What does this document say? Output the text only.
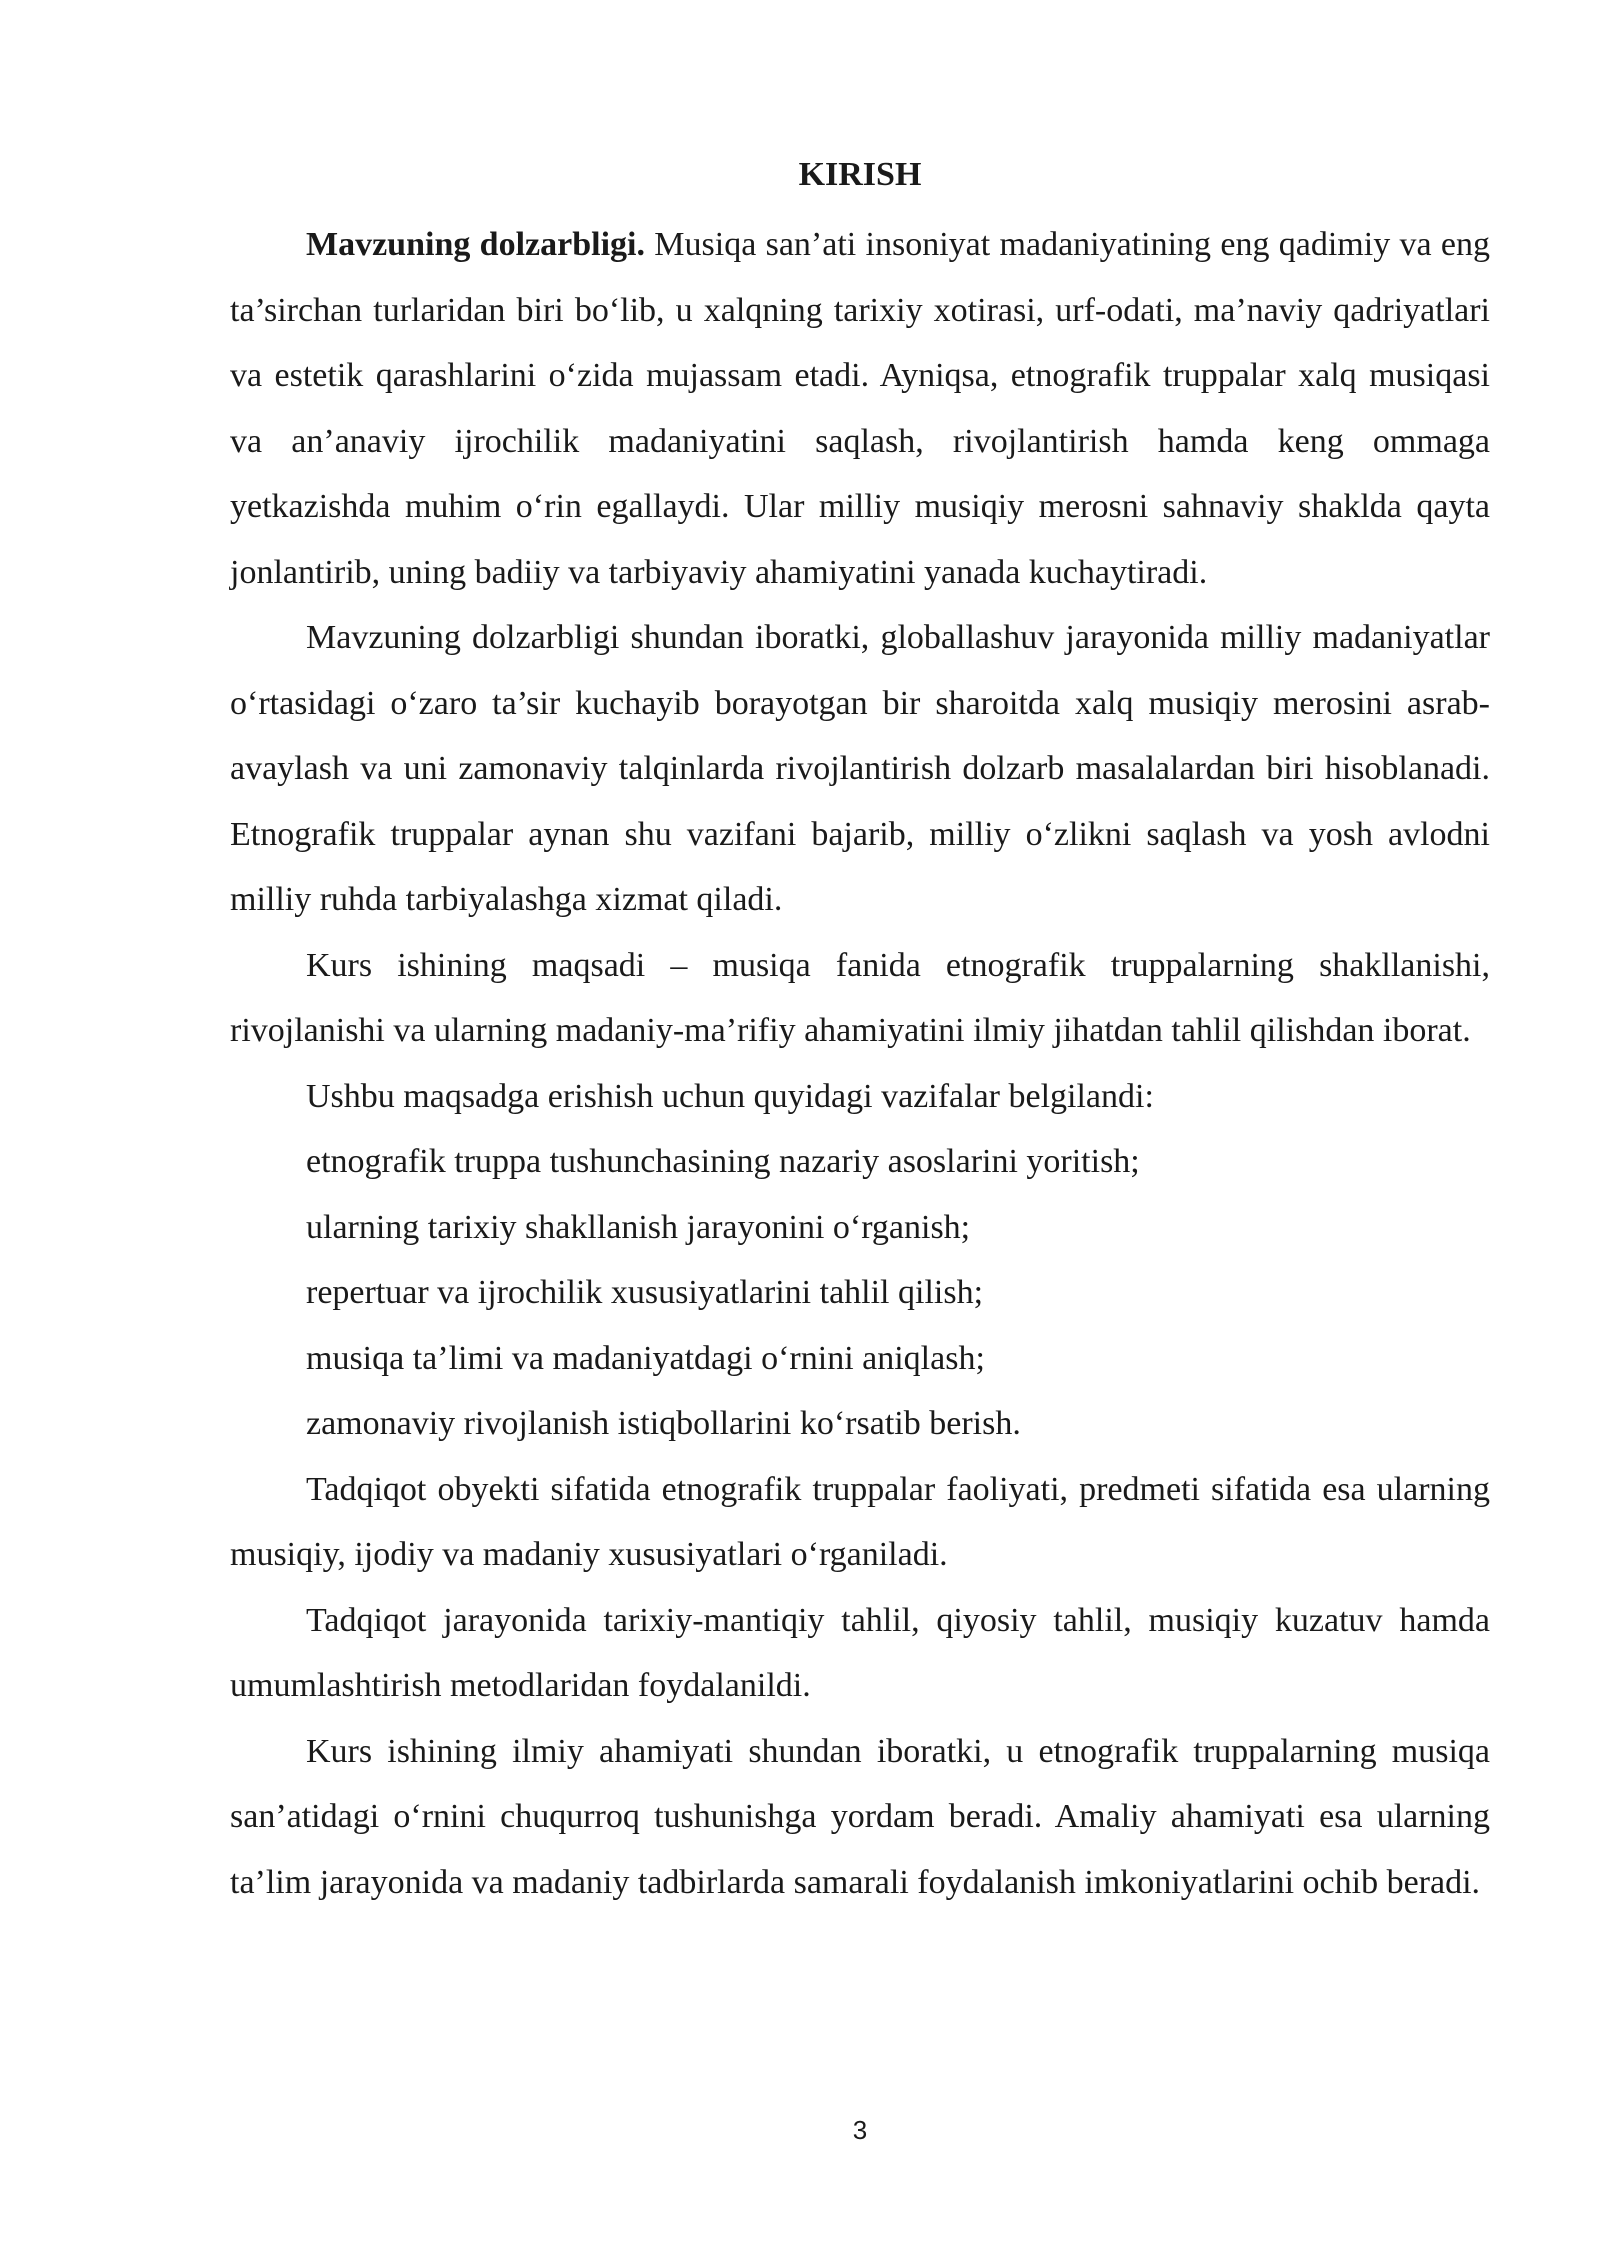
KIRISH

Mavzuning dolzarbligi. Musiqa san’ati insoniyat madaniyatining eng qadimiy va eng ta’sirchan turlaridan biri bo‘lib, u xalqning tarixiy xotirasi, urf-odati, ma’naviy qadriyatlari va estetik qarashlarini o‘zida mujassam etadi. Ayniqsa, etnografik truppalar xalq musiqasi va an’anaviy ijrochilik madaniyatini saqlash, rivojlantirish hamda keng ommaga yetkazishda muhim o‘rin egallaydi. Ular milliy musiqiy merosni sahnaviy shaklda qayta jonlantirib, uning badiiy va tarbiyaviy ahamiyatini yanada kuchaytiradi.

Mavzuning dolzarbligi shundan iboratki, globallashuv jarayonida milliy madaniyatlar o‘rtasidagi o‘zaro ta’sir kuchayib borayotgan bir sharoitda xalq musiqiy merosini asrab-avaylash va uni zamonaviy talqinlarda rivojlantirish dolzarb masalalardan biri hisoblanadi. Etnografik truppalar aynan shu vazifani bajarib, milliy o‘zlikni saqlash va yosh avlodni milliy ruhda tarbiyalashga xizmat qiladi.

Kurs ishining maqsadi – musiqa fanida etnografik truppalarning shakllanishi, rivojlanishi va ularning madaniy-ma’rifiy ahamiyatini ilmiy jihatdan tahlil qilishdan iborat.

Ushbu maqsadga erishish uchun quyidagi vazifalar belgilandi:

etnografik truppa tushunchasining nazariy asoslarini yoritish;

ularning tarixiy shakllanish jarayonini o‘rganish;

repertuar va ijrochilik xususiyatlarini tahlil qilish;

musiqa ta’limi va madaniyatdagi o‘rnini aniqlash;

zamonaviy rivojlanish istiqbollarini ko‘rsatib berish.

Tadqiqot obyekti sifatida etnografik truppalar faoliyati, predmeti sifatida esa ularning musiqiy, ijodiy va madaniy xususiyatlari o‘rganiladi.

Tadqiqot jarayonida tarixiy-mantiqiy tahlil, qiyosiy tahlil, musiqiy kuzatuv hamda umumlashtirish metodlaridan foydalanildi.

Kurs ishining ilmiy ahamiyati shundan iboratki, u etnografik truppalarning musiqa san’atidagi o‘rnini chuqurroq tushunishga yordam beradi. Amaliy ahamiyati esa ularning ta’lim jarayonida va madaniy tadbirlarda samarali foydalanish imkoniyatlarini ochib beradi.

3
